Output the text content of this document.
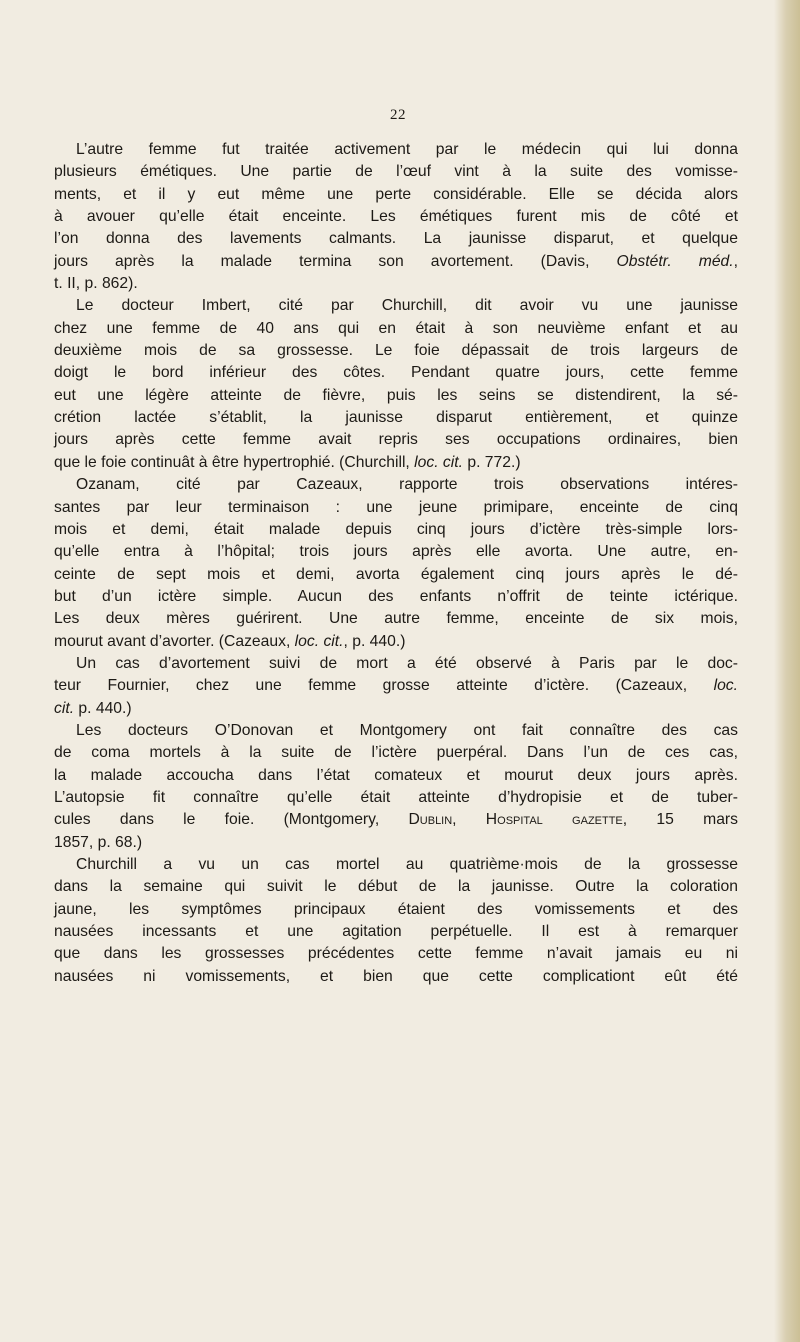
22
L’autre femme fut traitée activement par le médecin qui lui donna
plusieurs émétiques. Une partie de l’œuf vint à la suite des vomisse-
ments, et il y eut même une perte considérable. Elle se décida alors
à avouer qu’elle était enceinte. Les émétiques furent mis de côté et
l’on donna des lavements calmants. La jaunisse disparut, et quelque
jours après la malade termina son avortement. (Davis, Obstétr. méd.,
t. II, p. 862).
Le docteur Imbert, cité par Churchill, dit avoir vu une jaunisse
chez une femme de 40 ans qui en était à son neuvième enfant et au
deuxième mois de sa grossesse. Le foie dépassait de trois largeurs de
doigt le bord inférieur des côtes. Pendant quatre jours, cette femme
eut une légère atteinte de fièvre, puis les seins se distendirent, la sé-
crétion lactée s’établit, la jaunisse disparut entièrement, et quinze
jours après cette femme avait repris ses occupations ordinaires, bien
que le foie continuât à être hypertrophié. (Churchill, loc. cit. p. 772.)
Ozanam, cité par Cazeaux, rapporte trois observations intéres-
santes par leur terminaison : une jeune primipare, enceinte de cinq
mois et demi, était malade depuis cinq jours d’ictère très-simple lors-
qu’elle entra à l’hôpital; trois jours après elle avorta. Une autre, en-
ceinte de sept mois et demi, avorta également cinq jours après le dé-
but d’un ictère simple. Aucun des enfants n’offrit de teinte ictérique.
Les deux mères guérirent. Une autre femme, enceinte de six mois,
mourut avant d’avorter. (Cazeaux, loc. cit., p. 440.)
Un cas d’avortement suivi de mort a été observé à Paris par le doc-
teur Fournier, chez une femme grosse atteinte d’ictère. (Cazeaux, loc.
cit. p. 440.)
Les docteurs O’Donovan et Montgomery ont fait connaître des cas
de coma mortels à la suite de l’ictère puerpéral. Dans l’un de ces cas,
la malade accoucha dans l’état comateux et mourut deux jours après.
L’autopsie fit connaître qu’elle était atteinte d’hydropisie et de tuber-
cules dans le foie. (Montgomery, Dublin, Hospital gazette, 15 mars
1857, p. 68.)
Churchill a vu un cas mortel au quatrième·mois de la grossesse
dans la semaine qui suivit le début de la jaunisse. Outre la coloration
jaune, les symptômes principaux étaient des vomissements et des
nausées incessants et une agitation perpétuelle. Il est à remarquer
que dans les grossesses précédentes cette femme n’avait jamais eu ni
nausées ni vomissements, et bien que cette complicationt eût été
